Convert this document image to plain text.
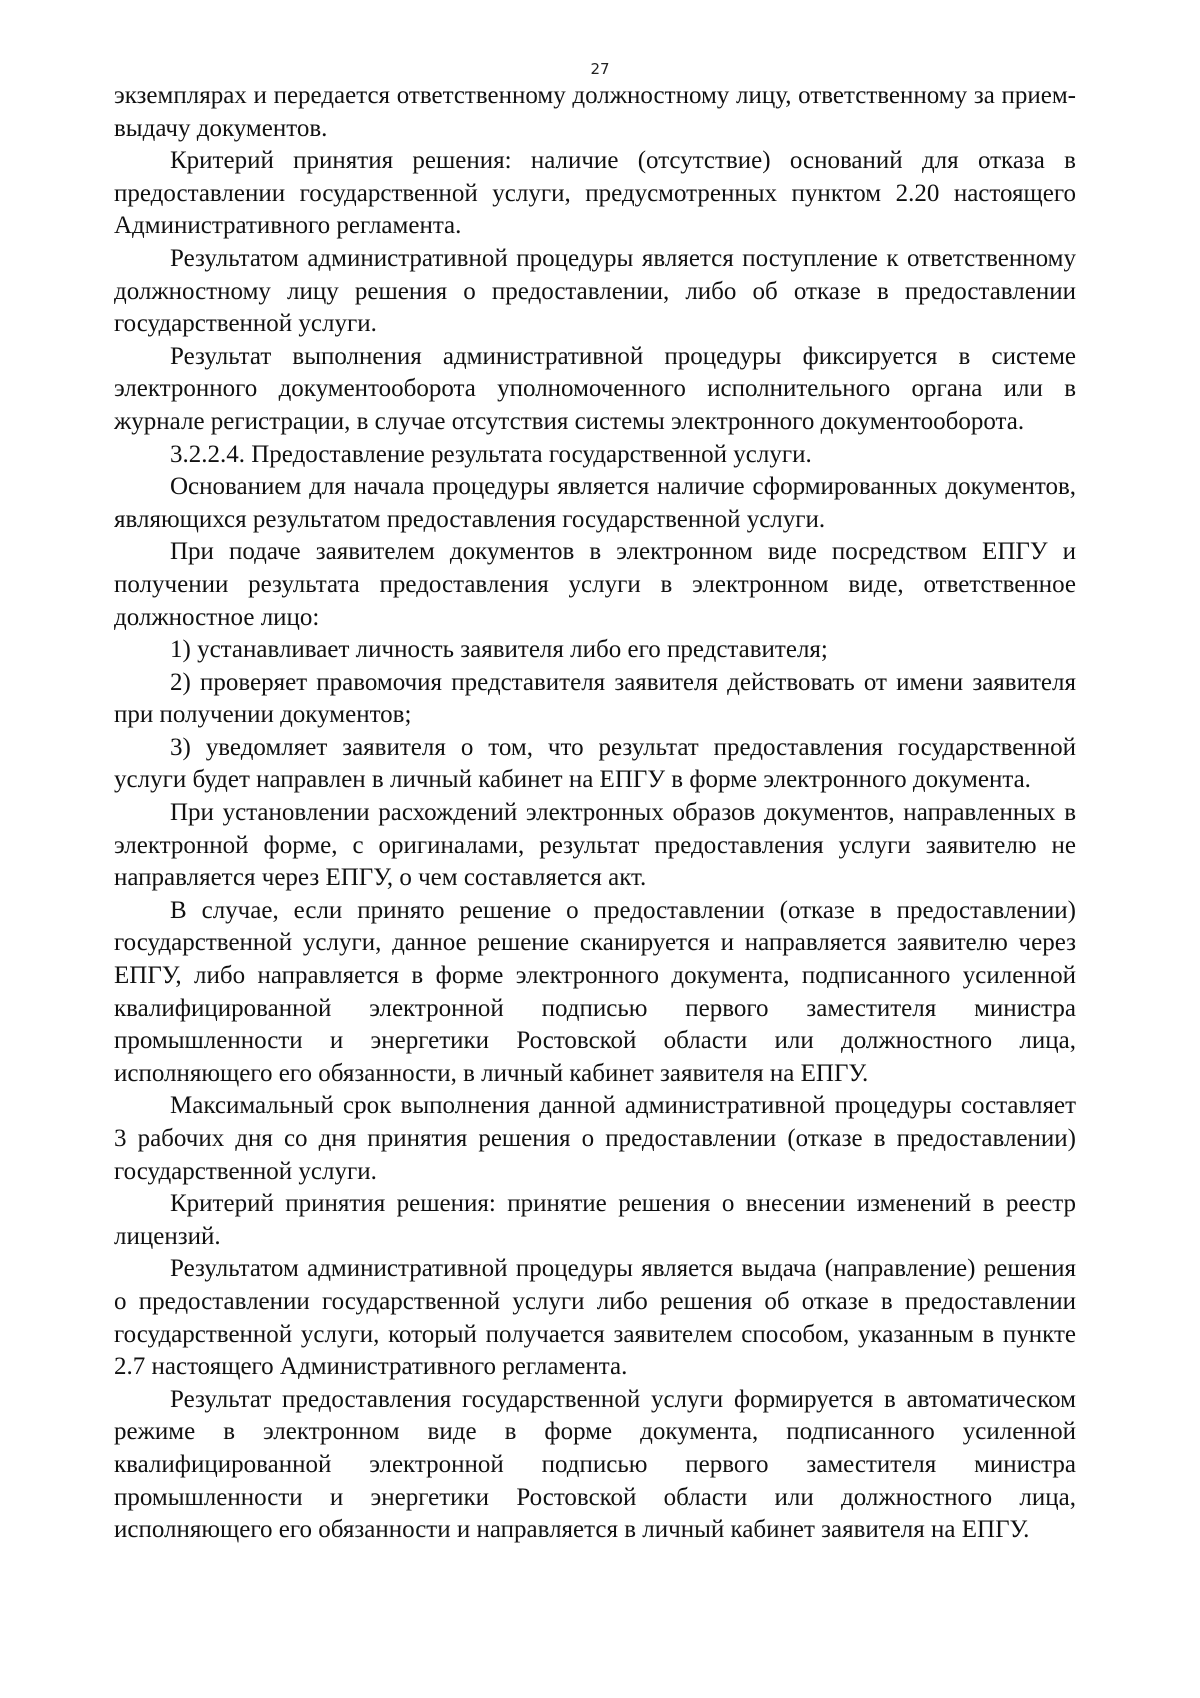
27

экземплярах и передается ответственному должностному лицу, ответственному за прием-выдачу документов.

Критерий принятия решения: наличие (отсутствие) оснований для отказа в предоставлении государственной услуги, предусмотренных пунктом 2.20 настоящего Административного регламента.

Результатом административной процедуры является поступление к ответственному должностному лицу решения о предоставлении, либо об отказе в предоставлении государственной услуги.

Результат выполнения административной процедуры фиксируется в системе электронного документооборота уполномоченного исполнительного органа или в журнале регистрации, в случае отсутствия системы электронного документооборота.

3.2.2.4. Предоставление результата государственной услуги.

Основанием для начала процедуры является наличие сформированных документов, являющихся результатом предоставления государственной услуги.

При подаче заявителем документов в электронном виде посредством ЕПГУ и получении результата предоставления услуги в электронном виде, ответственное должностное лицо:

1) устанавливает личность заявителя либо его представителя;

2) проверяет правомочия представителя заявителя действовать от имени заявителя при получении документов;

3) уведомляет заявителя о том, что результат предоставления государственной услуги будет направлен в личный кабинет на ЕПГУ в форме электронного документа.

При установлении расхождений электронных образов документов, направленных в электронной форме, с оригиналами, результат предоставления услуги заявителю не направляется через ЕПГУ, о чем составляется акт.

В случае, если принято решение о предоставлении (отказе в предоставлении) государственной услуги, данное решение сканируется и направляется заявителю через ЕПГУ, либо направляется в форме электронного документа, подписанного усиленной квалифицированной электронной подписью первого заместителя министра промышленности и энергетики Ростовской области или должностного лица, исполняющего его обязанности, в личный кабинет заявителя на ЕПГУ.

Максимальный срок выполнения данной административной процедуры составляет 3 рабочих дня со дня принятия решения о предоставлении (отказе в предоставлении) государственной услуги.

Критерий принятия решения: принятие решения о внесении изменений в реестр лицензий.

Результатом административной процедуры является выдача (направление) решения о предоставлении государственной услуги либо решения об отказе в предоставлении государственной услуги, который получается заявителем способом, указанным в пункте 2.7 настоящего Административного регламента.

Результат предоставления государственной услуги формируется в автоматическом режиме в электронном виде в форме документа, подписанного усиленной квалифицированной электронной подписью первого заместителя министра промышленности и энергетики Ростовской области или должностного лица, исполняющего его обязанности и направляется в личный кабинет заявителя на ЕПГУ.
